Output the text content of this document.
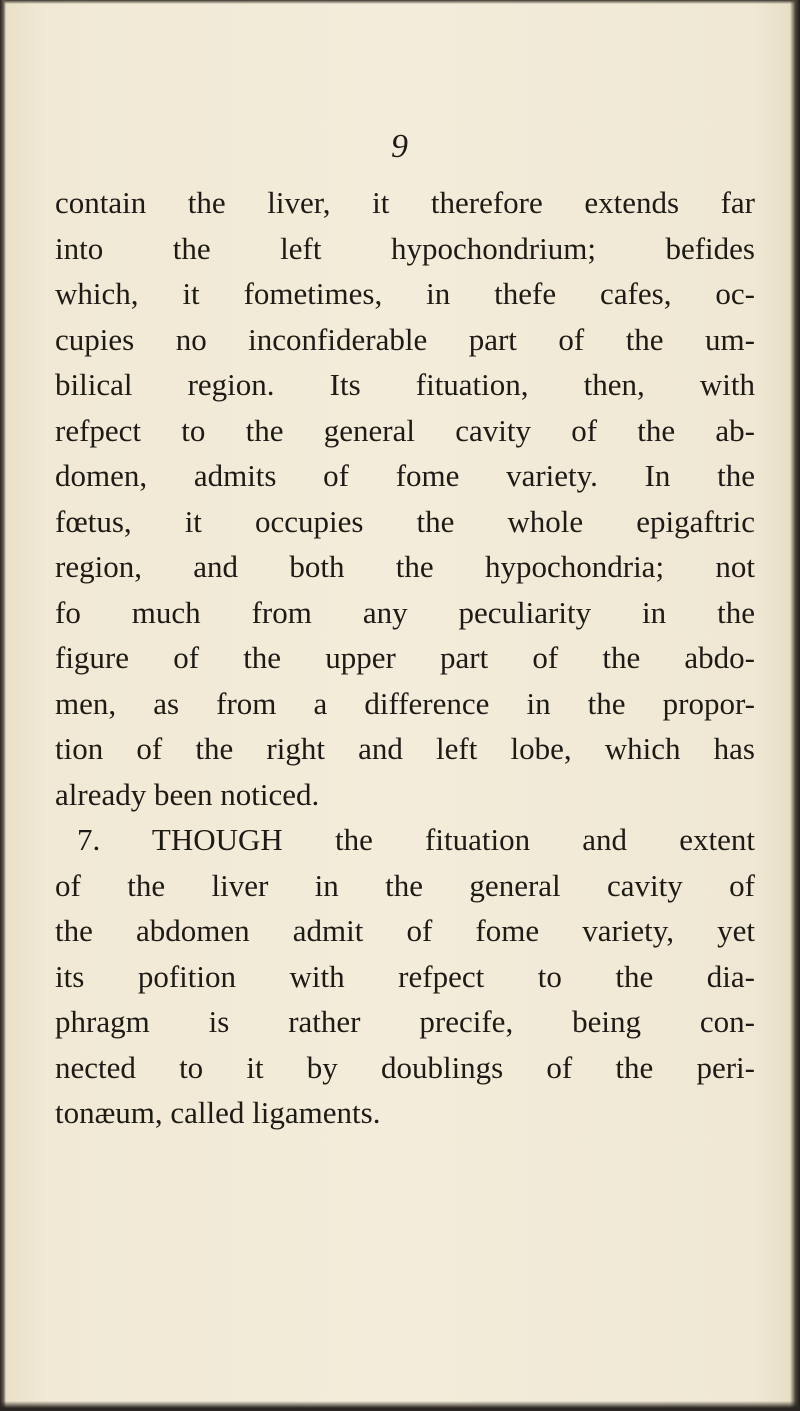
9
contain the liver, it therefore extends far
into the left hypochondrium; befides
which, it fometimes, in thefe cafes, oc-
cupies no inconfiderable part of the um-
bilical region. Its fituation, then, with
refpect to the general cavity of the ab-
domen, admits of fome variety. In the
fœtus, it occupies the whole epigaftric
region, and both the hypochondria; not
fo much from any peculiarity in the
figure of the upper part of the abdo-
men, as from a difference in the propor-
tion of the right and left lobe, which has
already been noticed.
7. THOUGH the fituation and extent
of the liver in the general cavity of
the abdomen admit of fome variety, yet
its pofition with refpect to the dia-
phragm is rather precife, being con-
nected to it by doublings of the peri-
tonæum, called ligaments.
